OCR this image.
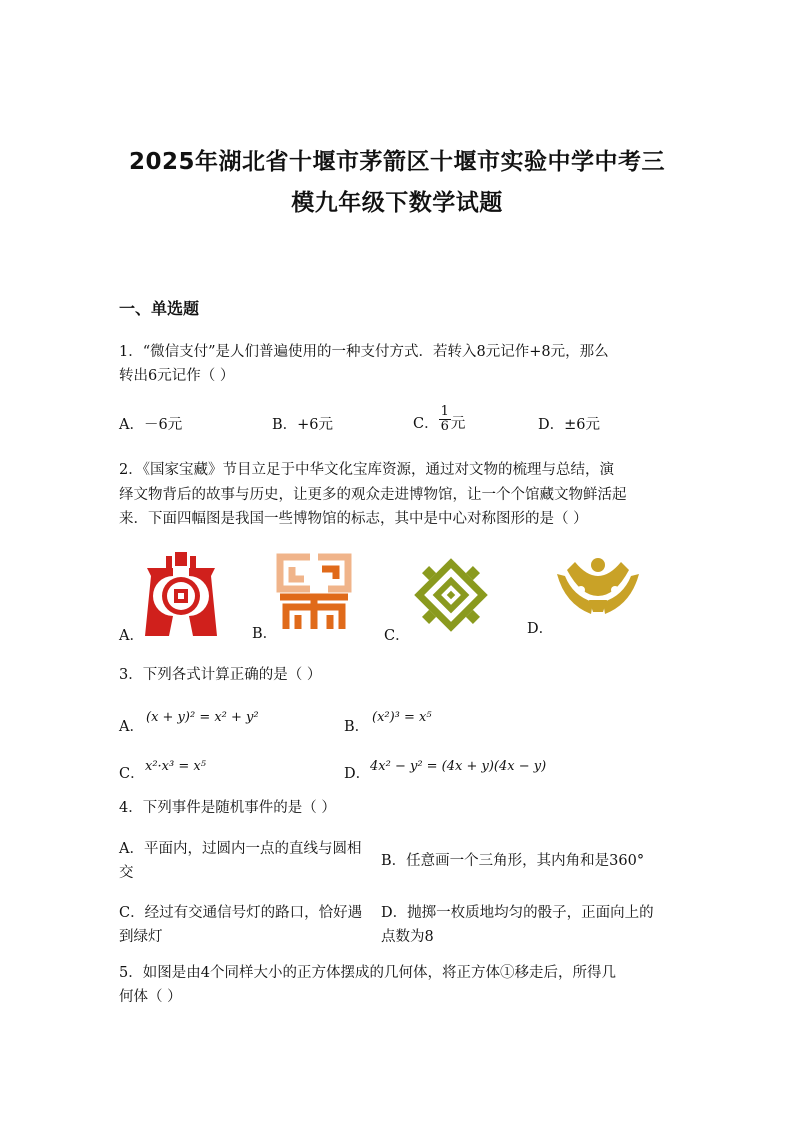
2025年湖北省十堰市茅箭区十堰市实验中学中考三
模九年级下数学试题
一、单选题
1．“微信支付”是人们普遍使用的一种支付方式．若转入8元记作+8元，那么
转出6元记作（ ）
A．－6元	B．+6元	C． $\frac{1}{6}$ 元	D．±6元
2．《国家宝藏》节目立足于中华文化宝库资源，通过对文物的梳理与总结，演
绎文物背后的故事与历史，让更多的观众走进博物馆，让一个个馆藏文物鲜活起
来．下面四幅图是我国一些博物馆的标志，其中是中心对称图形的是（ ）
A．	B．	C．	D．
3．下列各式计算正确的是（ ）
A．
(x + y)² = x² + y²
B．
(x²)³ = x⁵
C． x²·x³ = x⁵	D． 4x² − y² = (4x + y)(4x − y)
4．下列事件是随机事件的是（ ）
A．平面内，过圆内一点的直线与圆相
交
B．任意画一个三角形，其内角和是360°
C．经过有交通信号灯的路口，恰好遇
到绿灯
D．抛掷一枚质地均匀的骰子，正面向上的
点数为8
5．如图是由4个同样大小的正方体摆成的几何体，将正方体①移走后，所得几
何体（ ）
